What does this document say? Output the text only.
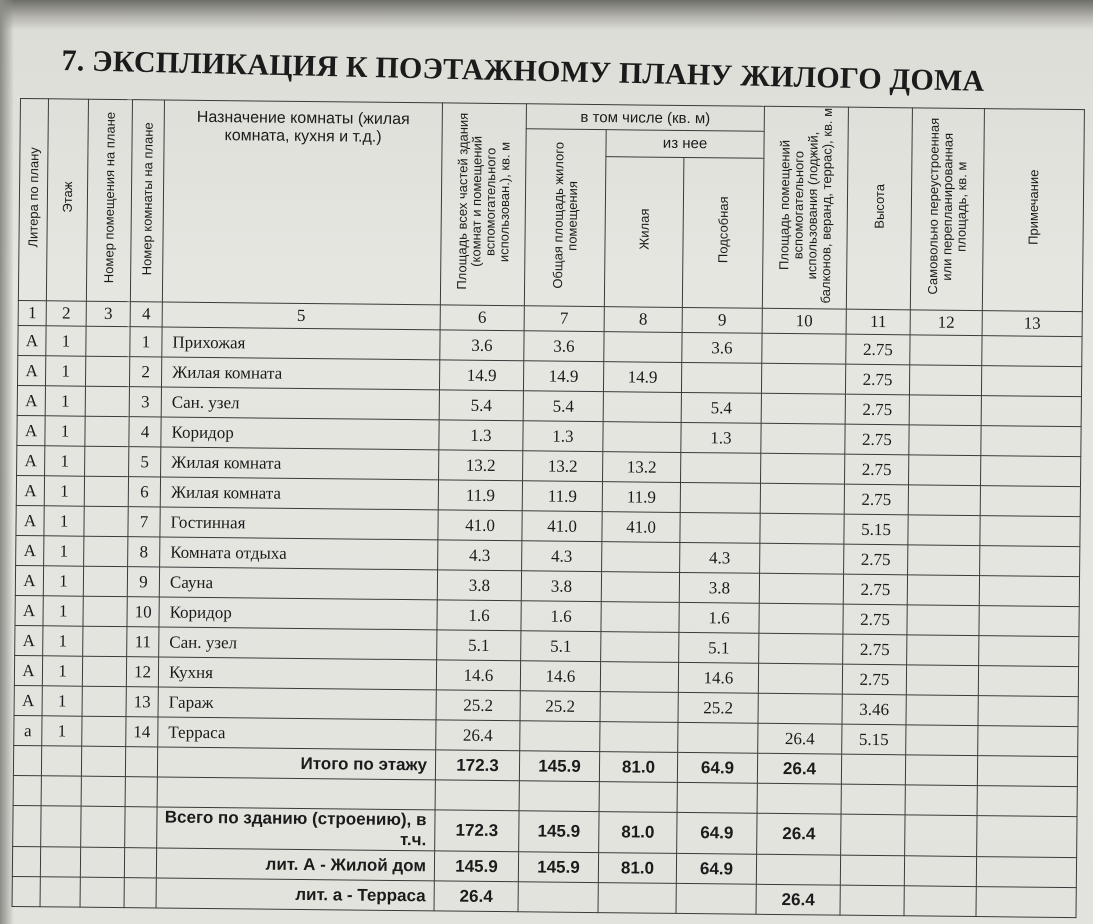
7. ЭКСПЛИКАЦИЯ К ПОЭТАЖНОМУ ПЛАНУ ЖИЛОГО ДОМА
Литера по плану	Этаж	Номер помещения на плане	Номер комнаты на плане	Назначение комнаты (жилая комната, кухня и т.д.)	Площадь всех частей здания (комнат и помещений вспомогательного использован.), кв. м	в том числе (кв. м)			Площадь помещений вспомогательного использования (лоджий, балконов, веранд, террас), кв. м	Высота	Самовольно переустроенная или перепланированная площадь, кв. м	Примечание
						Общая площадь жилого помещения	из нее					
							Жилая	Подсобная				
1	2	3	4	5	6	7	8	9	10	11	12	13
А	1		1	Прихожая	3.6	3.6		3.6		2.75		
А	1		2	Жилая комната	14.9	14.9	14.9			2.75		
А	1		3	Сан. узел	5.4	5.4		5.4		2.75		
А	1		4	Коридор	1.3	1.3		1.3		2.75		
А	1		5	Жилая комната	13.2	13.2	13.2			2.75		
А	1		6	Жилая комната	11.9	11.9	11.9			2.75		
А	1		7	Гостинная	41.0	41.0	41.0			5.15		
А	1		8	Комната отдыха	4.3	4.3		4.3		2.75		
А	1		9	Сауна	3.8	3.8		3.8		2.75		
А	1		10	Коридор	1.6	1.6		1.6		2.75		
А	1		11	Сан. узел	5.1	5.1		5.1		2.75		
А	1		12	Кухня	14.6	14.6		14.6		2.75		
А	1		13	Гараж	25.2	25.2		25.2		3.46		
а	1		14	Терраса	26.4				26.4	5.15		
				Итого по этажу	172.3	145.9	81.0	64.9	26.4			

				Всего по зданию (строению), в т.ч.	172.3	145.9	81.0	64.9	26.4			
				лит. А - Жилой дом	145.9	145.9	81.0	64.9				
				лит. а - Терраса	26.4				26.4			
